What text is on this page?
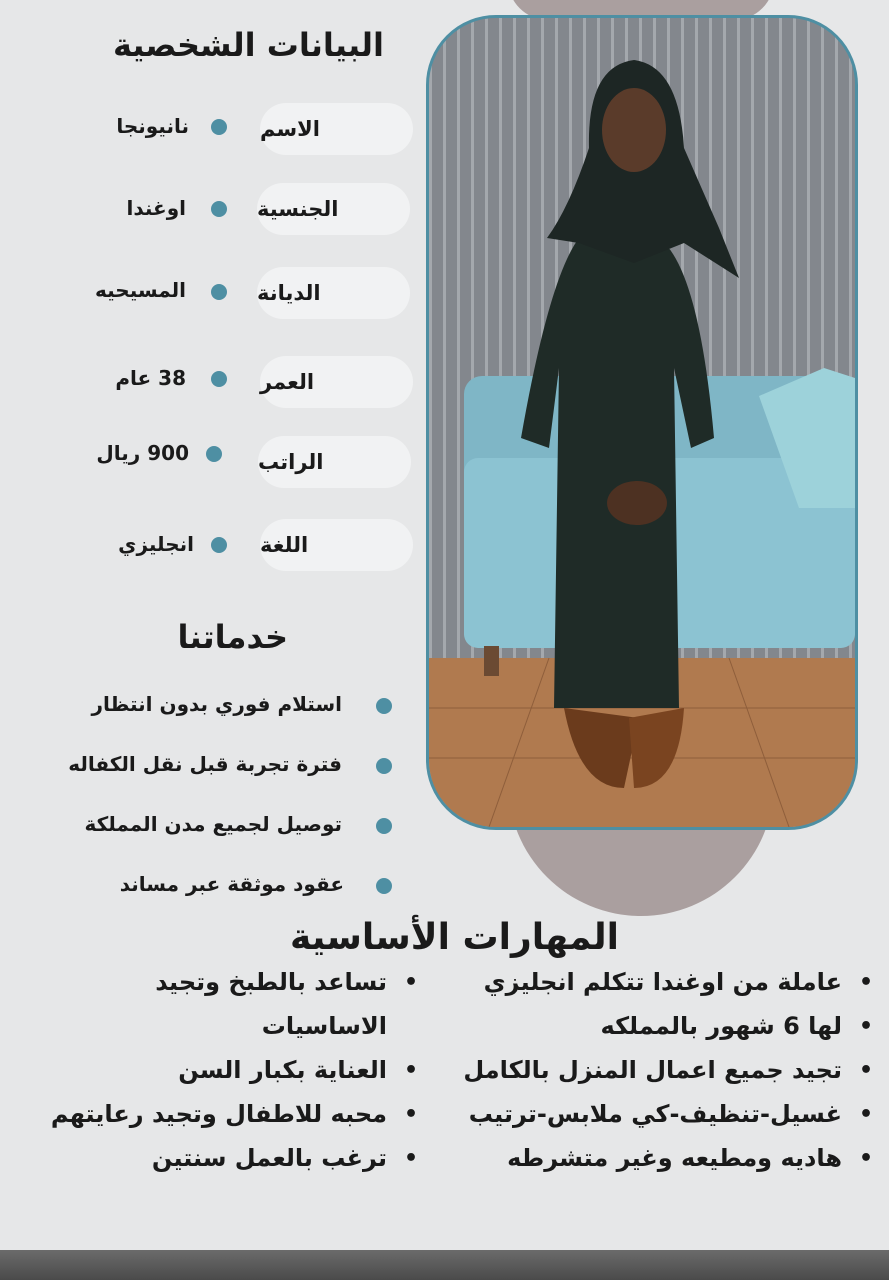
البيانات الشخصية
الاسم
نانيونجا
الجنسية
اوغندا
الديانة
المسيحيه
العمر
38 عام
الراتب
900 ريال
اللغة
انجليزي
خدماتنا
استلام فوري بدون انتظار
فترة تجربة قبل نقل الكفاله
توصيل لجميع مدن المملكة
عقود موثقة عبر مساند
المهارات الأساسية
•
عاملة من اوغندا تتكلم انجليزي
•
لها 6 شهور بالمملكه
•
تجيد جميع اعمال المنزل بالكامل
•
غسيل-تنظيف-كي ملابس-ترتيب
•
هاديه ومطيعه وغير متشرطه
•
تساعد بالطبخ وتجيد
الاساسيات
•
العناية بكبار السن
•
محبه للاطفال وتجيد رعايتهم
•
ترغب بالعمل سنتين
